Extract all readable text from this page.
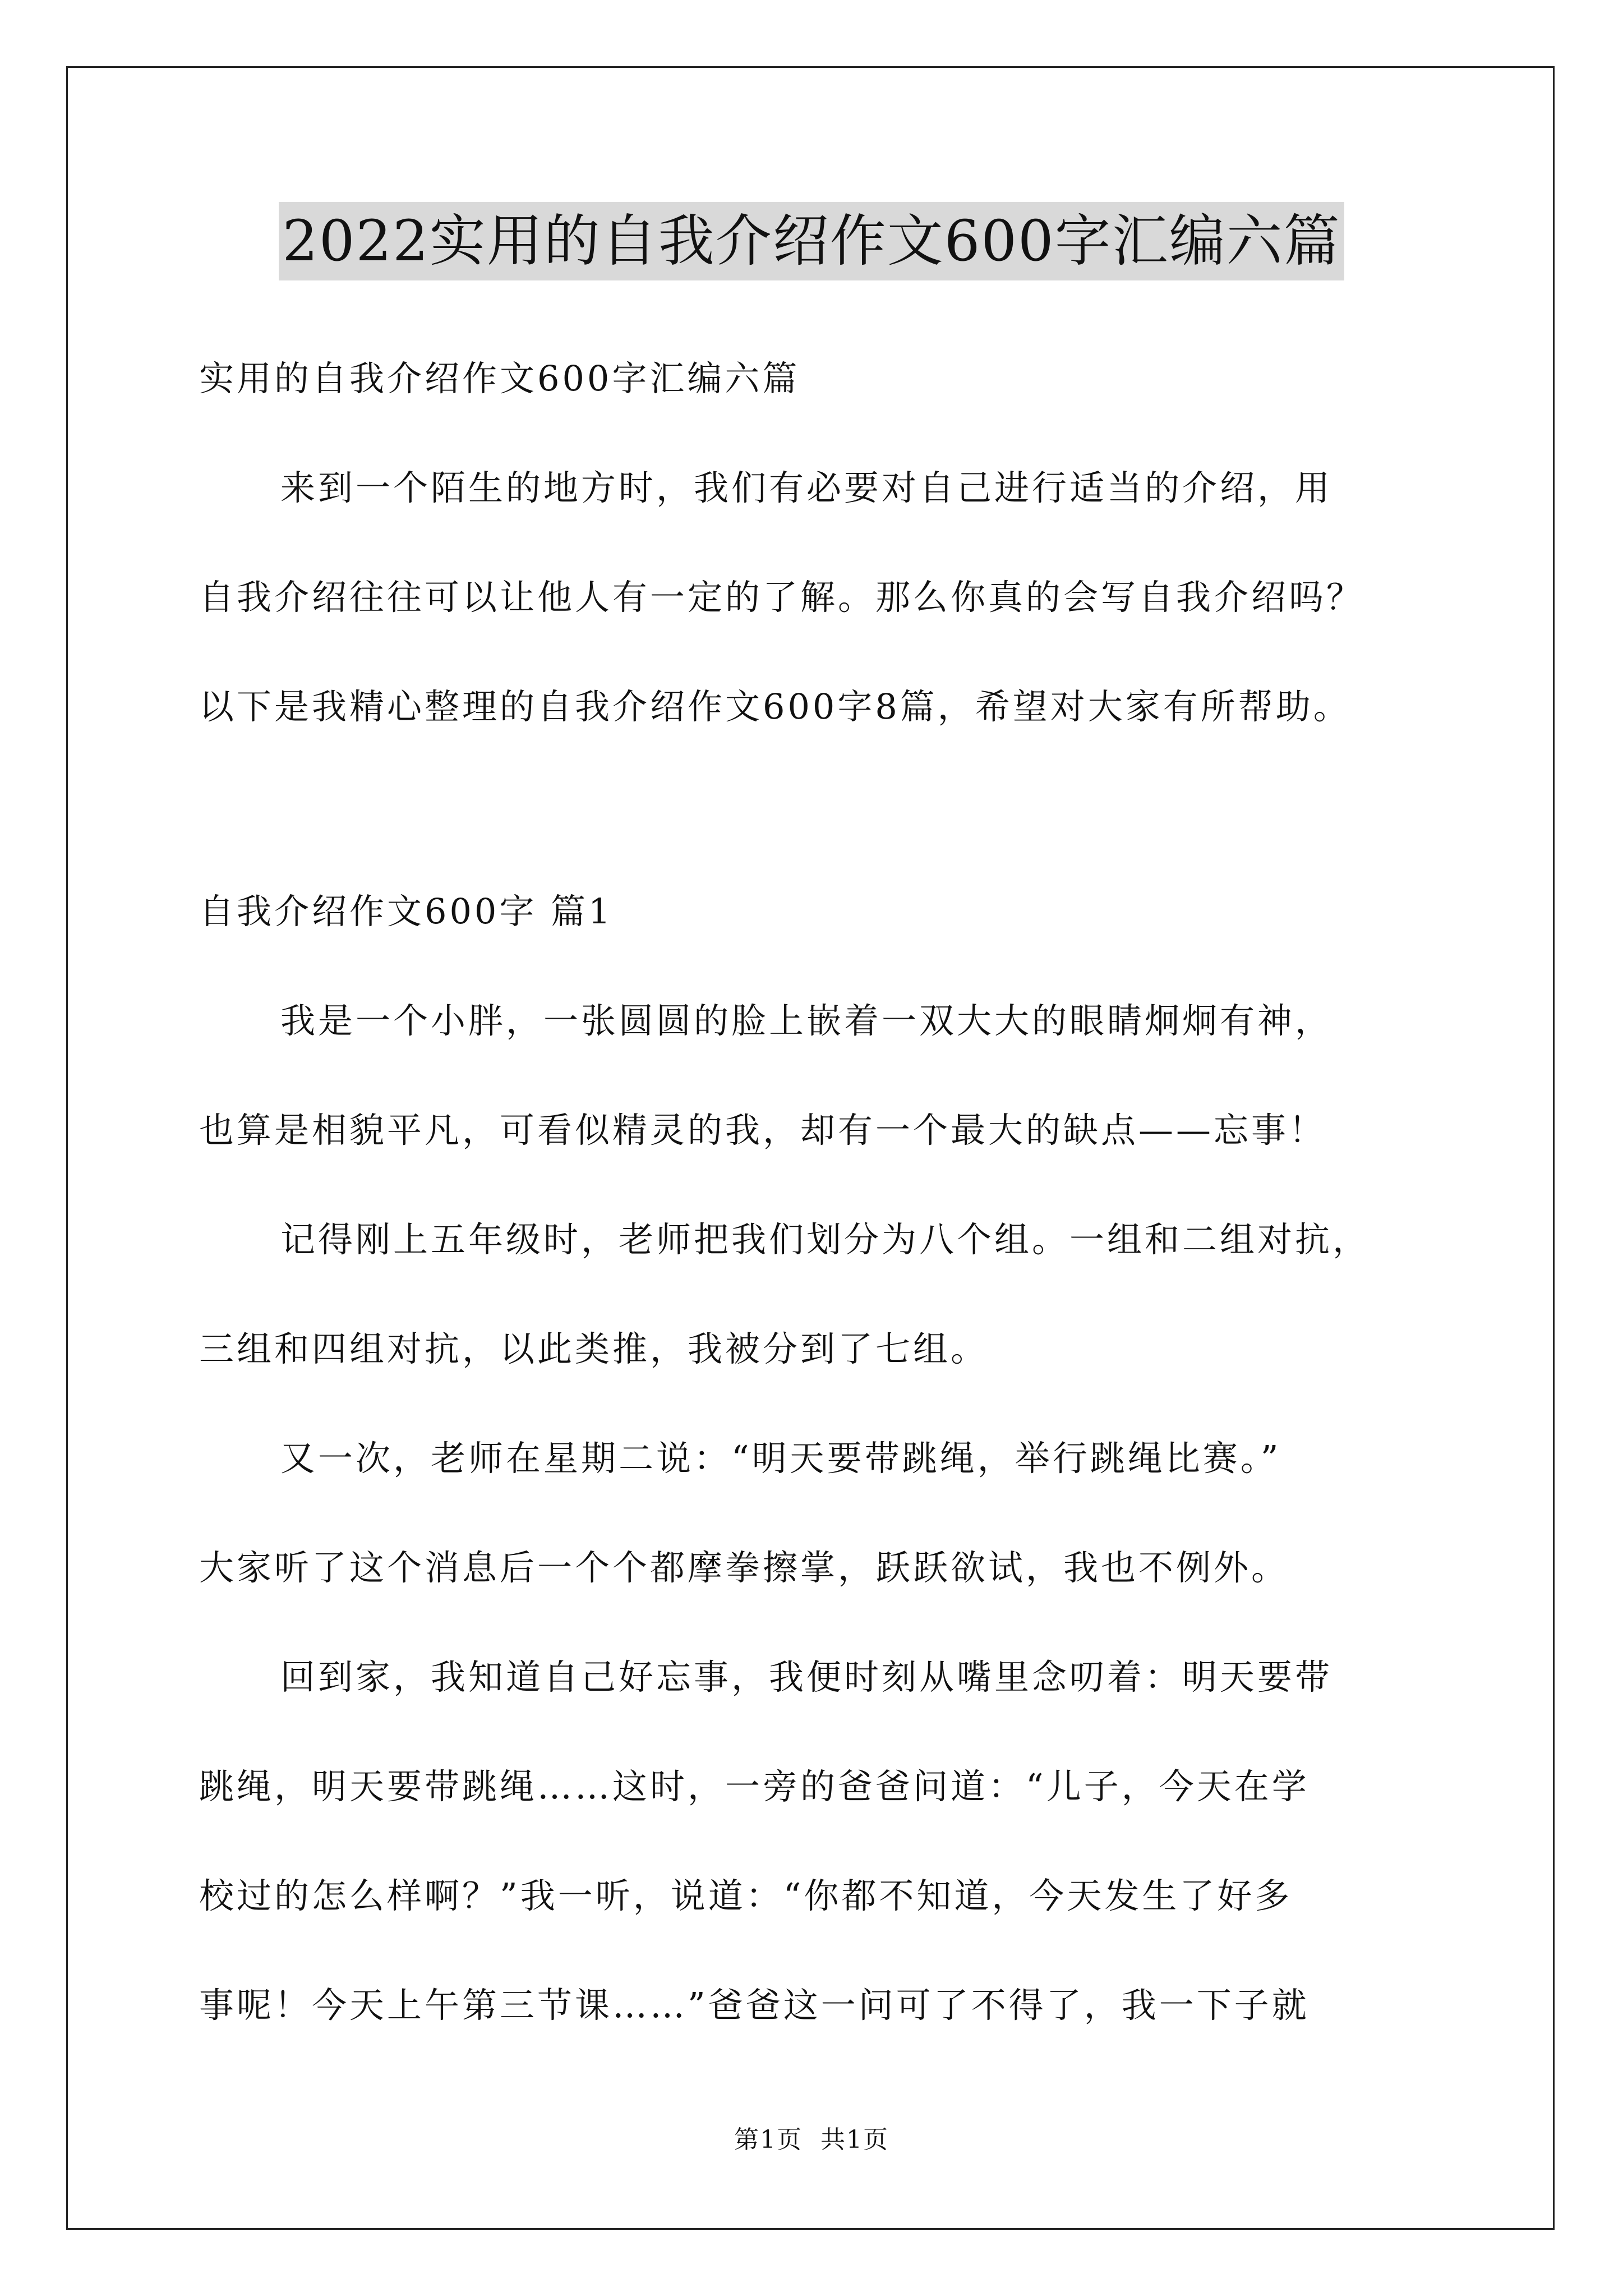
2022实用的自我介绍作文600字汇编六篇
实用的自我介绍作文600字汇编六篇
来到一个陌生的地方时，我们有必要对自己进行适当的介绍，用
自我介绍往往可以让他人有一定的了解。那么你真的会写自我介绍吗？
以下是我精心整理的自我介绍作文600字8篇，希望对大家有所帮助。
自我介绍作文600字 篇1
我是一个小胖，一张圆圆的脸上嵌着一双大大的眼睛炯炯有神，
也算是相貌平凡，可看似精灵的我，却有一个最大的缺点——忘事！
记得刚上五年级时，老师把我们划分为八个组。一组和二组对抗，
三组和四组对抗，以此类推，我被分到了七组。
又一次，老师在星期二说：“明天要带跳绳，举行跳绳比赛。”
大家听了这个消息后一个个都摩拳擦掌，跃跃欲试，我也不例外。
回到家，我知道自己好忘事，我便时刻从嘴里念叨着：明天要带
跳绳，明天要带跳绳……这时，一旁的爸爸问道：“儿子，今天在学
校过的怎么样啊？”我一听，说道：“你都不知道，今天发生了好多
事呢！今天上午第三节课……”爸爸这一问可了不得了，我一下子就
第1页  共1页
